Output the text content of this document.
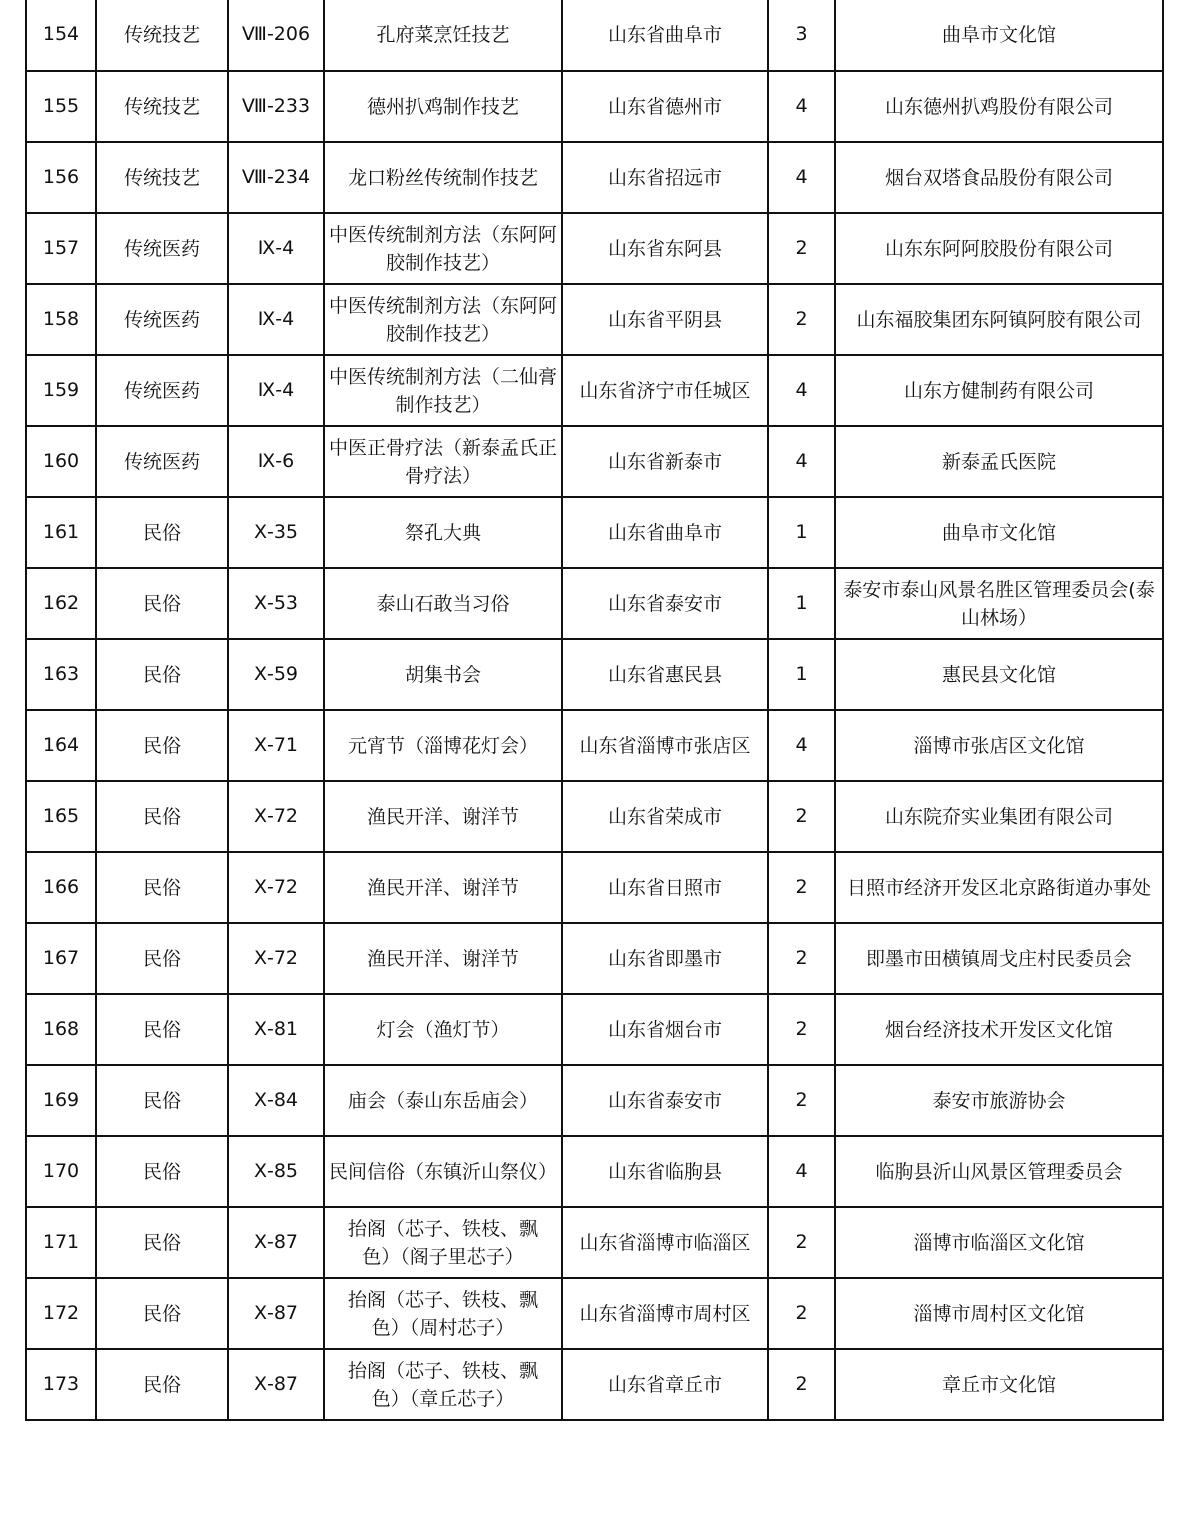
154	传统技艺	Ⅷ-206	孔府菜烹饪技艺	山东省曲阜市	3	曲阜市文化馆
155	传统技艺	Ⅷ-233	德州扒鸡制作技艺	山东省德州市	4	山东德州扒鸡股份有限公司
156	传统技艺	Ⅷ-234	龙口粉丝传统制作技艺	山东省招远市	4	烟台双塔食品股份有限公司
157	传统医药	Ⅸ-4	中医传统制剂方法（东阿阿胶制作技艺）	山东省东阿县	2	山东东阿阿胶股份有限公司
158	传统医药	Ⅸ-4	中医传统制剂方法（东阿阿胶制作技艺）	山东省平阴县	2	山东福胶集团东阿镇阿胶有限公司
159	传统医药	Ⅸ-4	中医传统制剂方法（二仙膏制作技艺）	山东省济宁市任城区	4	山东方健制药有限公司
160	传统医药	Ⅸ-6	中医正骨疗法（新泰孟氏正骨疗法）	山东省新泰市	4	新泰孟氏医院
161	民俗	Ⅹ-35	祭孔大典	山东省曲阜市	1	曲阜市文化馆
162	民俗	Ⅹ-53	泰山石敢当习俗	山东省泰安市	1	泰安市泰山风景名胜区管理委员会(泰山林场）
163	民俗	Ⅹ-59	胡集书会	山东省惠民县	1	惠民县文化馆
164	民俗	Ⅹ-71	元宵节（淄博花灯会）	山东省淄博市张店区	4	淄博市张店区文化馆
165	民俗	Ⅹ-72	渔民开洋、谢洋节	山东省荣成市	2	山东院夼实业集团有限公司
166	民俗	Ⅹ-72	渔民开洋、谢洋节	山东省日照市	2	日照市经济开发区北京路街道办事处
167	民俗	Ⅹ-72	渔民开洋、谢洋节	山东省即墨市	2	即墨市田横镇周戈庄村民委员会
168	民俗	Ⅹ-81	灯会（渔灯节）	山东省烟台市	2	烟台经济技术开发区文化馆
169	民俗	Ⅹ-84	庙会（泰山东岳庙会）	山东省泰安市	2	泰安市旅游协会
170	民俗	Ⅹ-85	民间信俗（东镇沂山祭仪）	山东省临朐县	4	临朐县沂山风景区管理委员会
171	民俗	Ⅹ-87	抬阁（芯子、铁枝、飘色）（阁子里芯子）	山东省淄博市临淄区	2	淄博市临淄区文化馆
172	民俗	Ⅹ-87	抬阁（芯子、铁枝、飘色）（周村芯子）	山东省淄博市周村区	2	淄博市周村区文化馆
173	民俗	Ⅹ-87	抬阁（芯子、铁枝、飘色）（章丘芯子）	山东省章丘市	2	章丘市文化馆
